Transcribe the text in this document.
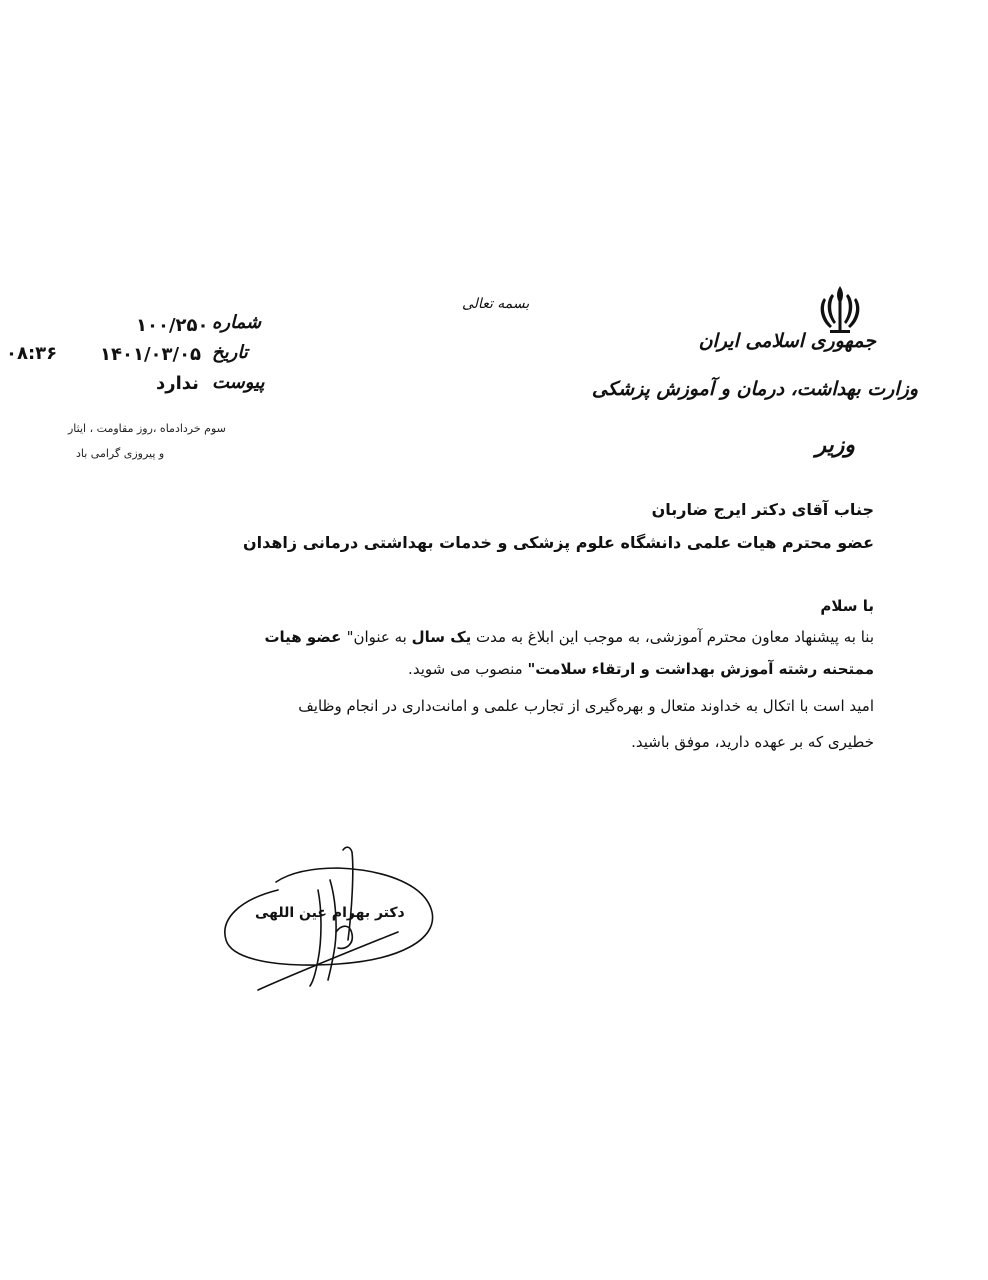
جمهوری اسلامی ایران
وزارت بهداشت، درمان و آموزش پزشکی
وزیر
بسمه تعالی
شماره
۱۰۰/۲۵۰
تاریخ
۱۴۰۱/۰۳/۰۵
پیوست
ندارد
۰۸:۳۶
سوم خردادماه ،روز مقاومت ، ایثار
و پیروزی گرامی باد
جناب آقای دکتر ایرج ضاربان
عضو محترم هیات علمی دانشگاه علوم پزشکی و خدمات بهداشتی درمانی زاهدان
با سلام
بنا به پیشنهاد معاون محترم آموزشی، به موجب این ابلاغ به مدت یک سال به عنوان" عضو هیات
ممتحنه رشته آموزش بهداشت و ارتقاء سلامت" منصوب می شوید.
امید است با اتکال به خداوند متعال و بهره‌گیری از تجارب علمی و امانت‌داری در انجام وظایف
خطیری که بر عهده دارید، موفق باشید.
دکتر بهرام عین اللهی
